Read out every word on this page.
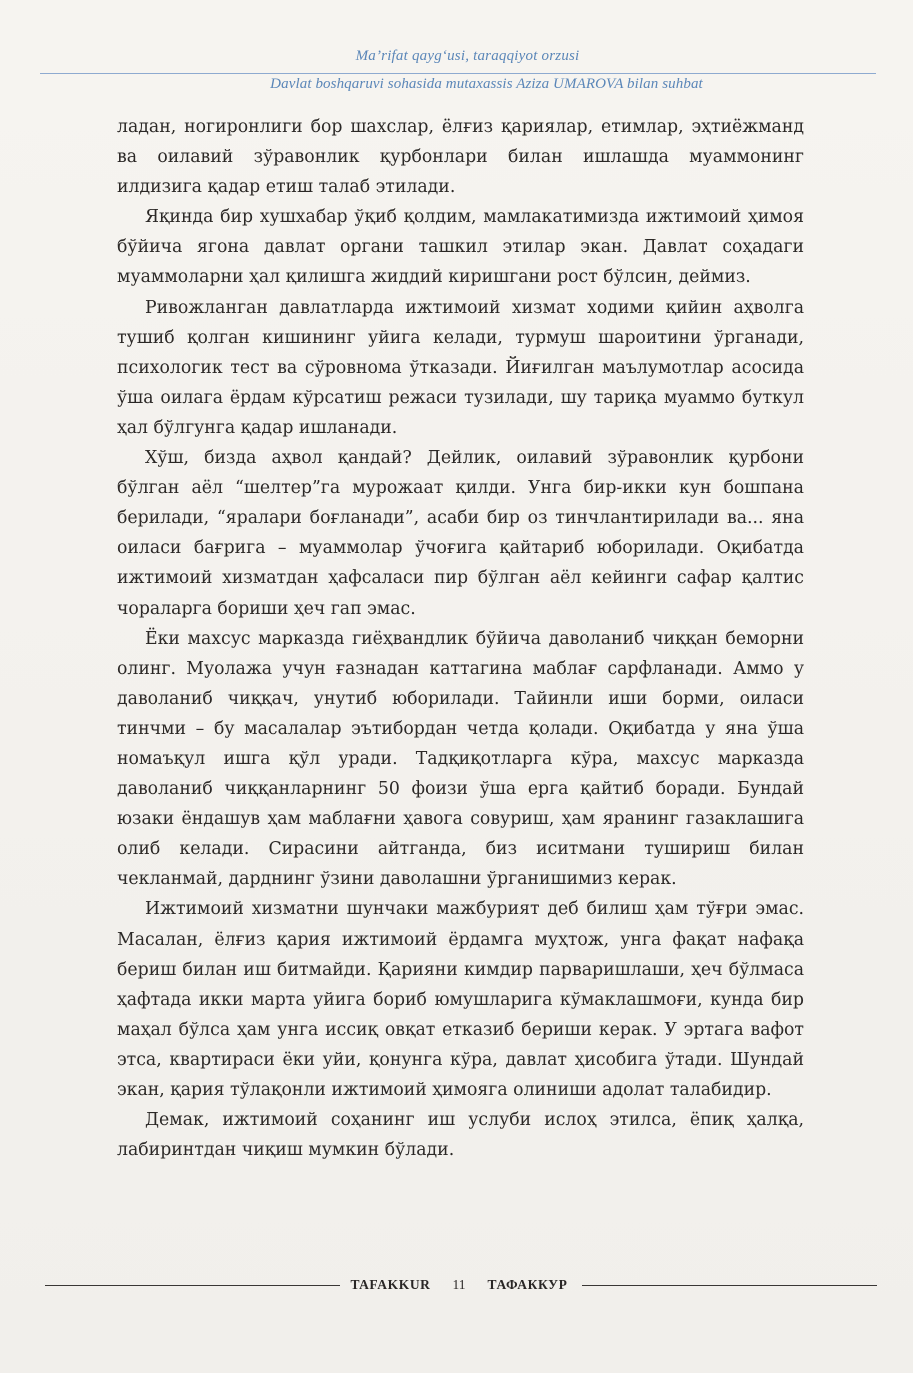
Ma’rifat qayg‘usi, taraqqiyot orzusi
Davlat boshqaruvi sohasida mutaxassis Aziza UMAROVA bilan suhbat

ладан, ногиронлиги бор шахслар, ёлғиз қариялар, етимлар, эҳтиёжманд ва оилавий зўравонлик қурбонлари билан ишлашда муаммонинг илдизига қадар етиш талаб этилади.

Яқинда бир хушхабар ўқиб қолдим, мамлакатимизда ижтимоий ҳимоя бўйича ягона давлат органи ташкил этилар экан. Давлат соҳадаги муаммоларни ҳал қилишга жиддий киришгани рост бўлсин, деймиз.

Ривожланган давлатларда ижтимоий хизмат ходими қийин аҳволга тушиб қолган кишининг уйига келади, турмуш шароитини ўрганади, психологик тест ва сўровнома ўтказади. Йиғилган маълумотлар асосида ўша оилага ёрдам кўрсатиш режаси тузилади, шу тариқа муаммо буткул ҳал бўлгунга қадар ишланади.

Хўш, бизда аҳвол қандай? Дейлик, оилавий зўравонлик қурбони бўлган аёл “шелтер”га мурожаат қилди. Унга бир-икки кун бошпана берилади, “яралари боғланади”, асаби бир оз тинчлантирилади ва... яна оиласи бағрига – муаммолар ўчоғига қайтариб юборилади. Оқибатда ижтимоий хизматдан ҳафсаласи пир бўлган аёл кейинги сафар қалтис чораларга бориши ҳеч гап эмас.

Ёки махсус марказда гиёҳвандлик бўйича даволаниб чиққан беморни олинг. Муолажа учун ғазнадан каттагина маблағ сарфланади. Аммо у даволаниб чиққач, унутиб юборилади. Тайинли иши борми, оиласи тинчми – бу масалалар эътибордан четда қолади. Оқибатда у яна ўша номаъқул ишга қўл уради. Тадқиқотларга кўра, махсус марказда даволаниб чиққанларнинг 50 фоизи ўша ерга қайтиб боради. Бундай юзаки ёндашув ҳам маблағни ҳавога совуриш, ҳам яранинг газаклашига олиб келади. Сирасини айтганда, биз иситмани тушириш билан чекланмай, дарднинг ўзини даволашни ўрганишимиз керак.

Ижтимоий хизматни шунчаки мажбурият деб билиш ҳам тўғри эмас. Масалан, ёлғиз қария ижтимоий ёрдамга муҳтож, унга фақат нафақа бериш билан иш битмайди. Қарияни кимдир парваришлаши, ҳеч бўлмаса ҳафтада икки марта уйига бориб юмушларига кўмаклашмоғи, кунда бир маҳал бўлса ҳам унга иссиқ овқат етказиб бериши керак. У эртага вафот этса, квартираси ёки уйи, қонунга кўра, давлат ҳисобига ўтади. Шундай экан, қария тўлақонли ижтимоий ҳимояга олиниши адолат талабидир.

Демак, ижтимоий соҳанинг иш услуби ислоҳ этилса, ёпиқ ҳалқа, лабиринтдан чиқиш мумкин бўлади.

TAFAKKUR	11	ТАФАККУР
